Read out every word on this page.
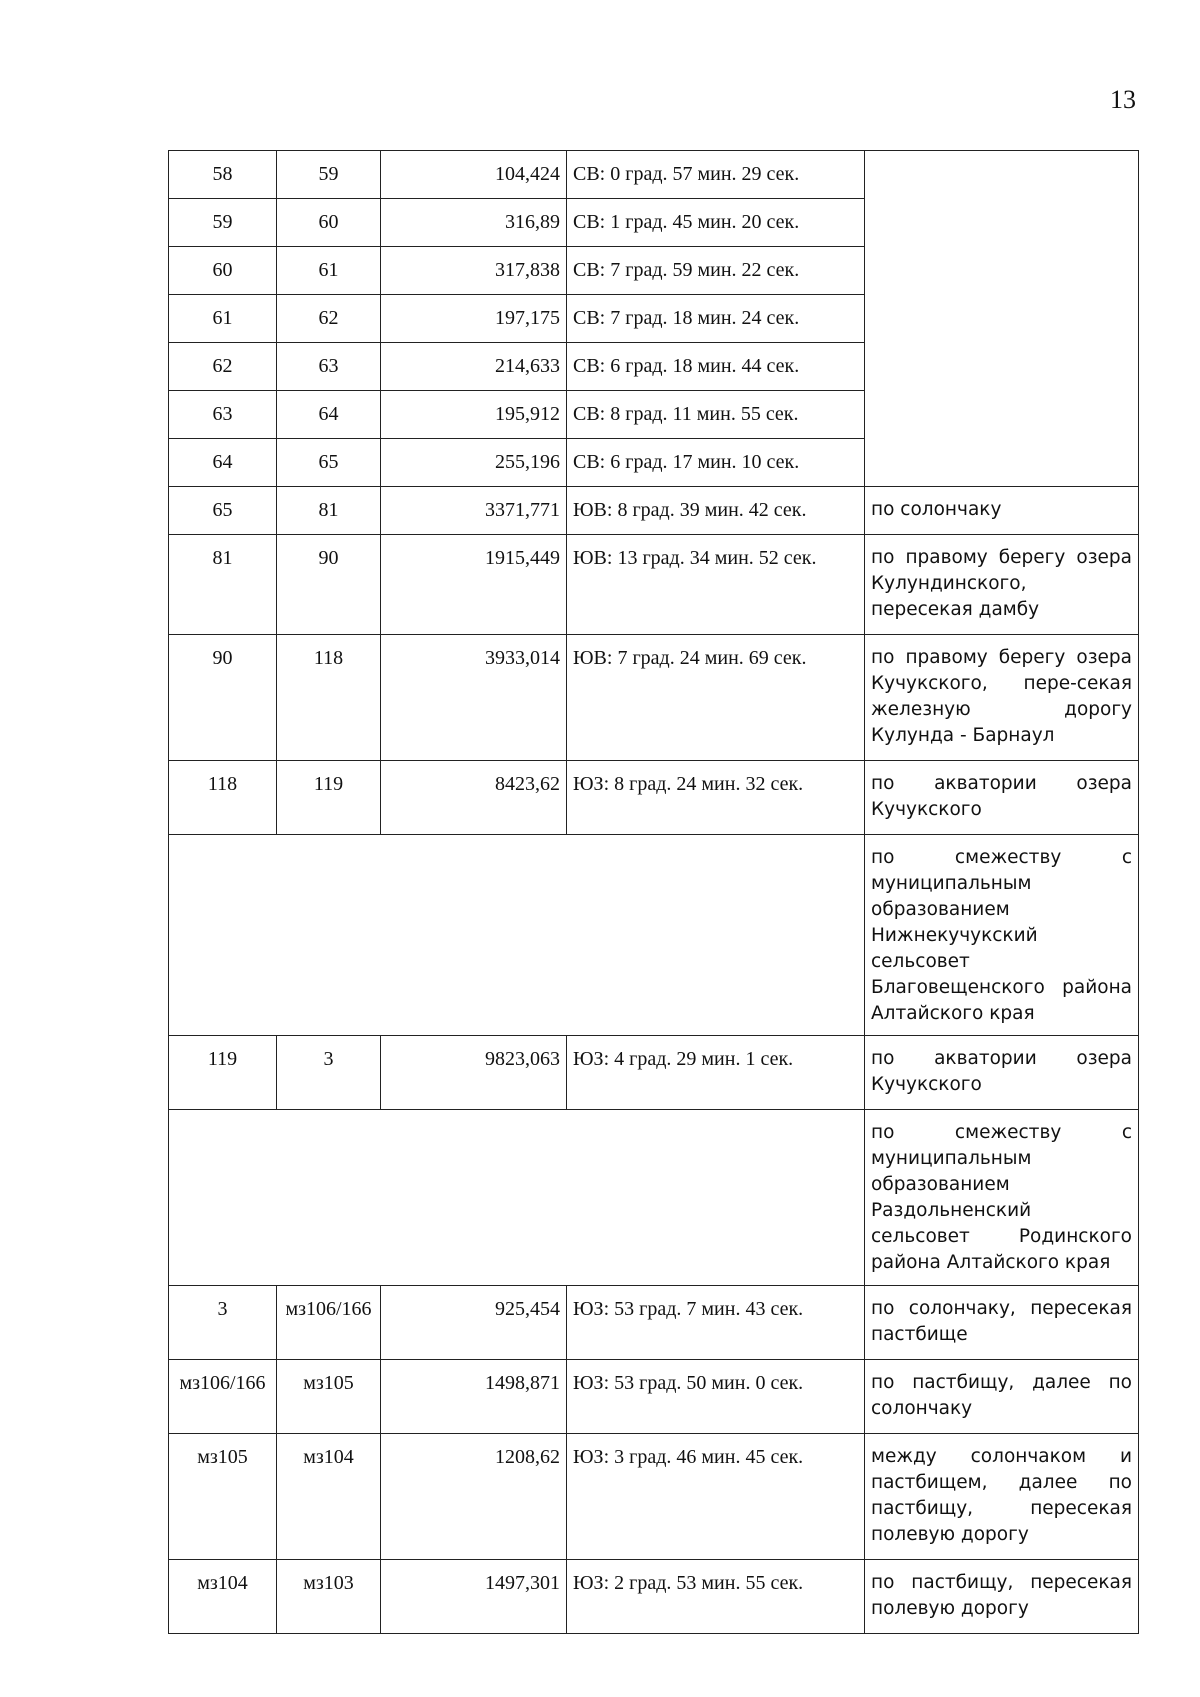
13
58	59	104,424	СВ: 0 град. 57 мин. 29 сек.	
59	60	316,89	СВ: 1 град. 45 мин. 20 сек.	
60	61	317,838	СВ: 7 град. 59 мин. 22 сек.	
61	62	197,175	СВ: 7 град. 18 мин. 24 сек.	
62	63	214,633	СВ: 6 град. 18 мин. 44 сек.	
63	64	195,912	СВ: 8 град. 11 мин. 55 сек.	
64	65	255,196	СВ: 6 град. 17 мин. 10 сек.	
65	81	3371,771	ЮВ: 8 град. 39 мин. 42 сек.	по солончаку
81	90	1915,449	ЮВ: 13 град. 34 мин. 52 сек.	по правому берегу озера Кулундинского, пересекая дамбу
90	118	3933,014	ЮВ: 7 град. 24 мин. 69 сек.	по правому берегу озера Кучукского, пере-секая железную дорогу Кулунда - Барнаул
118	119	8423,62	ЮЗ: 8 град. 24 мин. 32 сек.	по акватории озера Кучукского
				по смежеству с муниципальным образованием Нижнекучукский сельсовет Благовещенского района Алтайского края
119	3	9823,063	ЮЗ: 4 град. 29 мин. 1 сек.	по акватории озера Кучукского
				по смежеству с муниципальным образованием Раздольненский сельсовет Родинского района Алтайского края
3	мз106/166	925,454	ЮЗ: 53 град. 7 мин. 43 сек.	по солончаку, пересекая пастбище
мз106/166	мз105	1498,871	ЮЗ: 53 град. 50 мин. 0 сек.	по пастбищу, далее по солончаку
мз105	мз104	1208,62	ЮЗ: 3 град. 46 мин. 45 сек.	между солончаком и пастбищем, далее по пастбищу, пересекая полевую дорогу
мз104	мз103	1497,301	ЮЗ: 2 град. 53 мин. 55 сек.	по пастбищу, пересекая полевую дорогу
